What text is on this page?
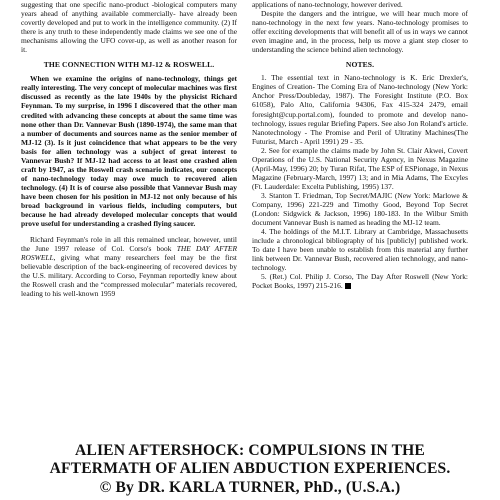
suggesting that one specific nano-product -biological computers many years ahead of anything available commercially- have already been covertly developed and put to work in the intelligence community. (2) If there is any truth to these independently made claims we see one of the mechanisms allowing the UFO cover-up, as well as another reason for it.

THE CONNECTION WITH MJ-12 & ROSWELL.

When we examine the origins of nano-technology, things get really interesting. The very concept of molecular machines was first discussed as recently as the late 1940s by the physicist Richard Feynman. To my surprise, in 1996 I discovered that the other man credited with advancing these concepts at about the same time was none other than Dr. Vannevar Bush (1890-1974), the same man that a number of documents and sources name as the senior member of MJ-12 (3). Is it just coincidence that what appears to be the very basis for alien technology was a subject of great interest to Vannevar Bush? If MJ-12 had access to at least one crashed alien craft by 1947, as the Roswell crash scenario indicates, our concepts of nano-technology today may owe much to recovered alien technology. (4) It is of course also possible that Vannevar Bush may have been chosen for his position in MJ-12 not only because of his broad background in various fields, including computers, but because he had already developed molecular concepts that would prove useful for understanding a crashed flying saucer.

Richard Feynman's role in all this remained unclear, however, until the June 1997 release of Col. Corso's book THE DAY AFTER ROSWELL, giving what many researchers feel may be the first believable description of the back-engineering of recovered devices by the U.S. military. According to Corso, Feynman reportedly knew about the Roswell crash and the “compressed molecular” materials recovered, leading to his well-known 1959

applications of nano-technology, however derived.

Despite the dangers and the intrigue, we will hear much more of nano-technology in the next few years. Nano-technology promises to offer exciting developments that will benefit all of us in ways we cannot even imagine and, in the process, help us move a giant step closer to understanding the science behind alien technology.

NOTES.

1. The essential text in Nano-technology is K. Eric Drexler's, Engines of Creation- The Coming Era of Nano-technology (New York: Anchor Press/Doubleday, 1987). The Foresight Institute (P.O. Box 61058), Palo Alto, California 94306, Fax 415-324 2479, email foresight@cup.portal.com), founded to promote and develop nano-technology, issues regular Briefing Papers. See also Jon Roland's article. Nanotechnology - The Promise and Peril of Ultratiny Machines(The Futurist, March - April 1991) 29 - 35.

2. See for example the claims made by John St. Clair Akwei, Covert Operations of the U.S. National Security Agency, in Nexus Magazine (April-May, 1996) 20; by Turan Rifat, The ESP of ESPionage, in Nexus Magazine (February-March, 1997) 13; and in Mia Adams, The Excyles (Ft. Lauderdale: Excelta Publishing, 1995) 137.

3. Stanton T. Friedman, Top Secret/MAJIC (New York: Marlowe & Company, 1996) 221-229 and Timothy Good, Beyond Top Secret (London: Sidgwick & Jackson, 1996) 180-183. In the Wilbur Smith document Vannevar Bush is named as heading the MJ-12 team.

4. The holdings of the M.I.T. Library at Cambridge, Massachusetts include a chronological bibliography of his [publicly] published work. To date I have been unable to establish from this material any further link between Dr. Vannevar Bush, recovered alien technology, and nano-technology.

5. (Ret.) Col. Philip J. Corso, The Day After Roswell (New York: Pocket Books, 1997) 215-216.

ALIEN AFTERSHOCK: COMPULSIONS IN THE
AFTERMATH OF ALIEN ABDUCTION EXPERIENCES.
© By DR. KARLA TURNER, PhD., (U.S.A.)
